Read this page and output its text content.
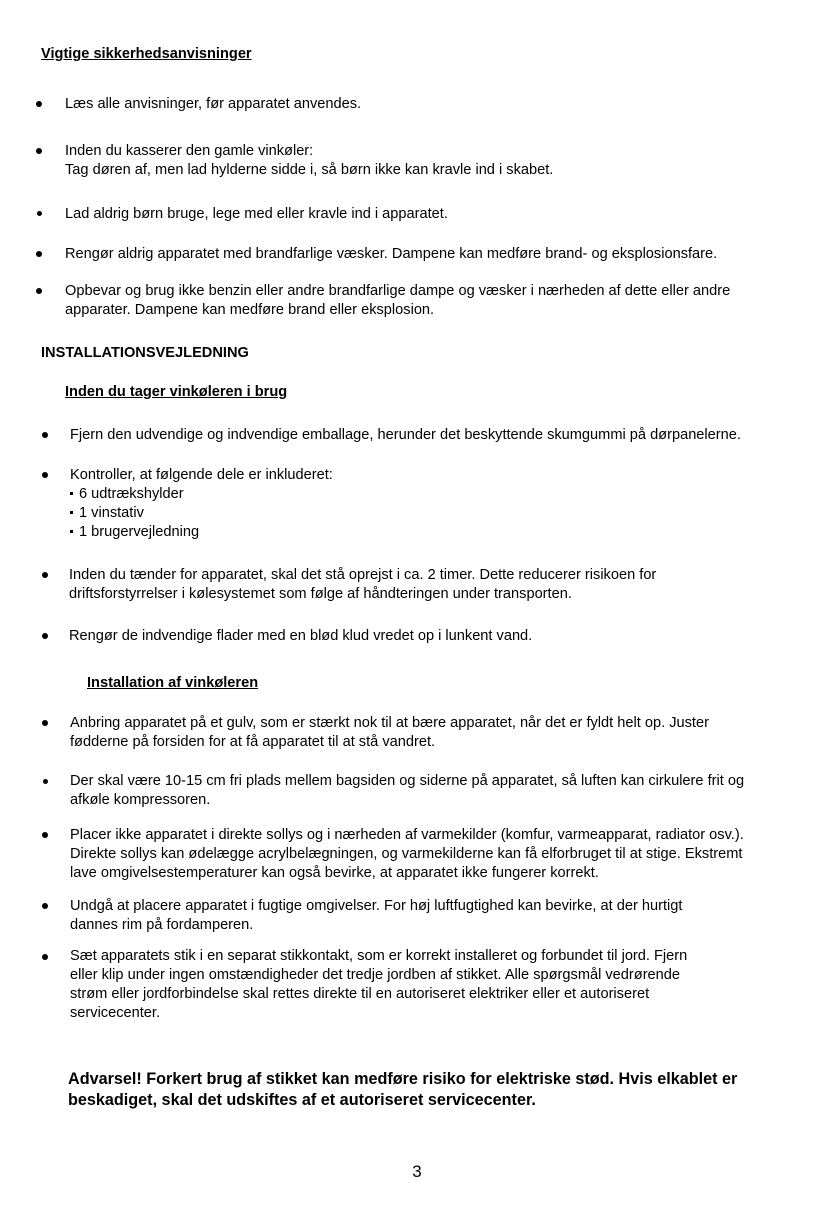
Vigtige sikkerhedsanvisninger
Læs alle anvisninger, før apparatet anvendes.
Inden du kasserer den gamle vinkøler:
Tag døren af, men lad hylderne sidde i, så børn ikke kan kravle ind i skabet.
Lad aldrig børn bruge, lege med eller kravle ind i apparatet.
Rengør aldrig apparatet med brandfarlige væsker. Dampene kan medføre brand- og eksplosionsfare.
Opbevar og brug ikke benzin eller andre brandfarlige dampe og væsker i nærheden af dette eller andre
apparater. Dampene kan medføre brand eller eksplosion.
INSTALLATIONSVEJLEDNING
Inden du tager vinkøleren i brug
Fjern den udvendige og indvendige emballage, herunder det beskyttende skumgummi på dørpanelerne.
Kontroller, at følgende dele er inkluderet:
6 udtrækshylder
1 vinstativ
1 brugervejledning
Inden du tænder for apparatet, skal det stå oprejst i ca. 2 timer. Dette reducerer risikoen for
driftsforstyrrelser i kølesystemet som følge af håndteringen under transporten.
Rengør de indvendige flader med en blød klud vredet op i lunkent vand.
Installation af vinkøleren
Anbring apparatet på et gulv, som er stærkt nok til at bære apparatet, når det er fyldt helt op. Juster
fødderne på forsiden for at få apparatet til at stå vandret.
Der skal være 10-15 cm fri plads mellem bagsiden og siderne på apparatet, så luften kan cirkulere frit og
afkøle kompressoren.
Placer ikke apparatet i direkte sollys og i nærheden af varmekilder (komfur, varmeapparat, radiator osv.).
Direkte sollys kan ødelægge acrylbelægningen, og varmekilderne kan få elforbruget til at stige. Ekstremt
lave omgivelsestemperaturer kan også bevirke, at apparatet ikke fungerer korrekt.
Undgå at placere apparatet i fugtige omgivelser. For høj luftfugtighed kan bevirke, at der hurtigt
dannes rim på fordamperen.
Sæt apparatets stik i en separat stikkontakt, som er korrekt installeret og forbundet til jord. Fjern
eller klip under ingen omstændigheder det tredje jordben af stikket. Alle spørgsmål vedrørende
strøm eller jordforbindelse skal rettes direkte til en autoriseret elektriker eller et autoriseret
servicecenter.
Advarsel! Forkert brug af stikket kan medføre risiko for elektriske stød. Hvis elkablet er
beskadiget, skal det udskiftes af et autoriseret servicecenter.
3
